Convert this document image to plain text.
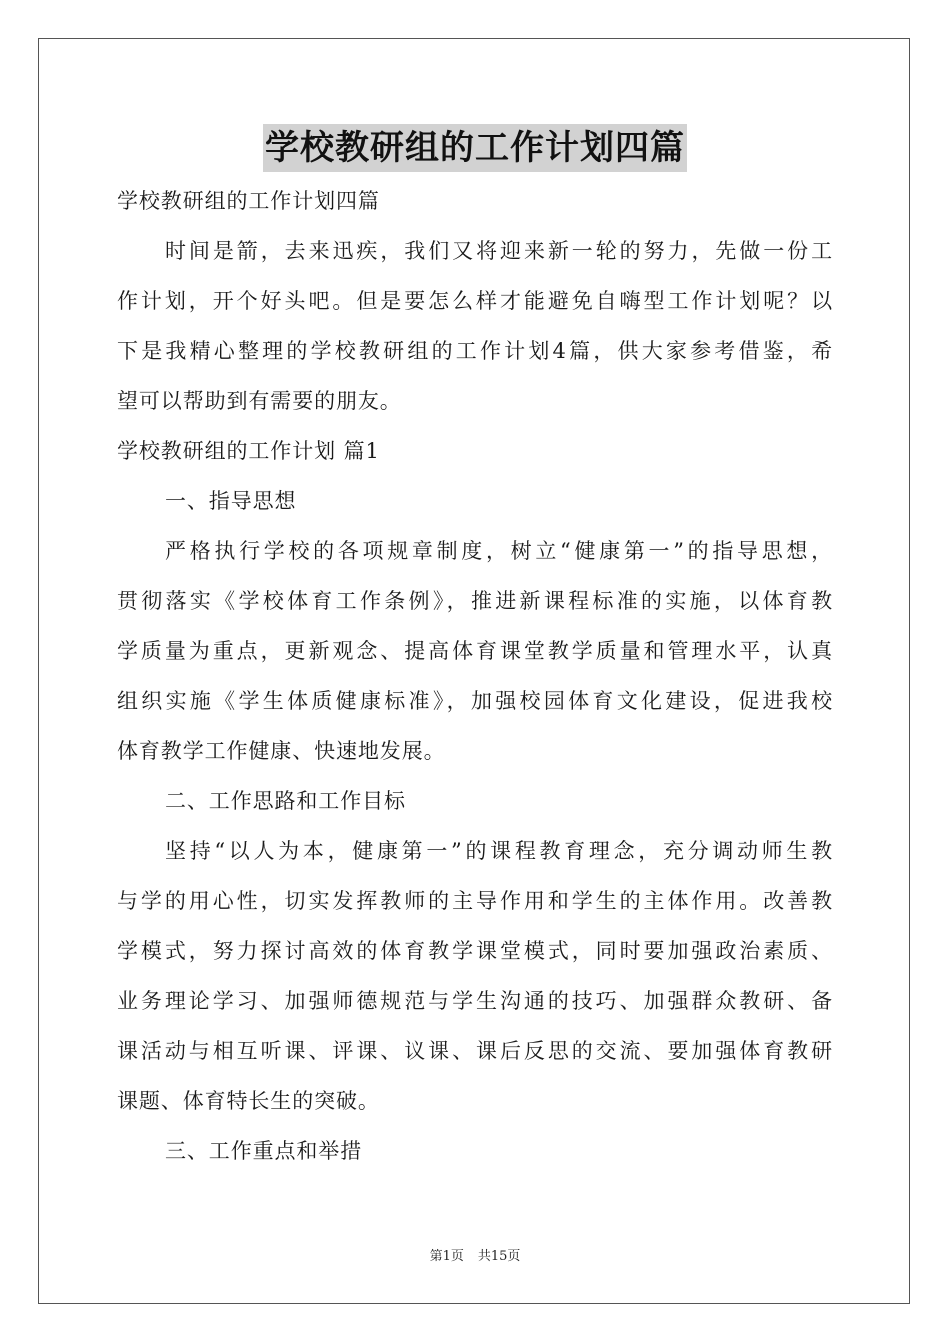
学校教研组的工作计划四篇
学校教研组的工作计划四篇
时间是箭，去来迅疾，我们又将迎来新一轮的努力，先做一份工
作计划，开个好头吧。但是要怎么样才能避免自嗨型工作计划呢？以
下是我精心整理的学校教研组的工作计划4篇，供大家参考借鉴，希
望可以帮助到有需要的朋友。
学校教研组的工作计划 篇1
一、指导思想
严格执行学校的各项规章制度，树立“健康第一”的指导思想，
贯彻落实《学校体育工作条例》，推进新课程标准的实施，以体育教
学质量为重点，更新观念、提高体育课堂教学质量和管理水平，认真
组织实施《学生体质健康标准》，加强校园体育文化建设，促进我校
体育教学工作健康、快速地发展。
二、工作思路和工作目标
坚持“以人为本，健康第一”的课程教育理念，充分调动师生教
与学的用心性，切实发挥教师的主导作用和学生的主体作用。改善教
学模式，努力探讨高效的体育教学课堂模式，同时要加强政治素质、
业务理论学习、加强师德规范与学生沟通的技巧、加强群众教研、备
课活动与相互听课、评课、议课、课后反思的交流、要加强体育教研
课题、体育特长生的突破。
三、工作重点和举措
第1页 共15页
